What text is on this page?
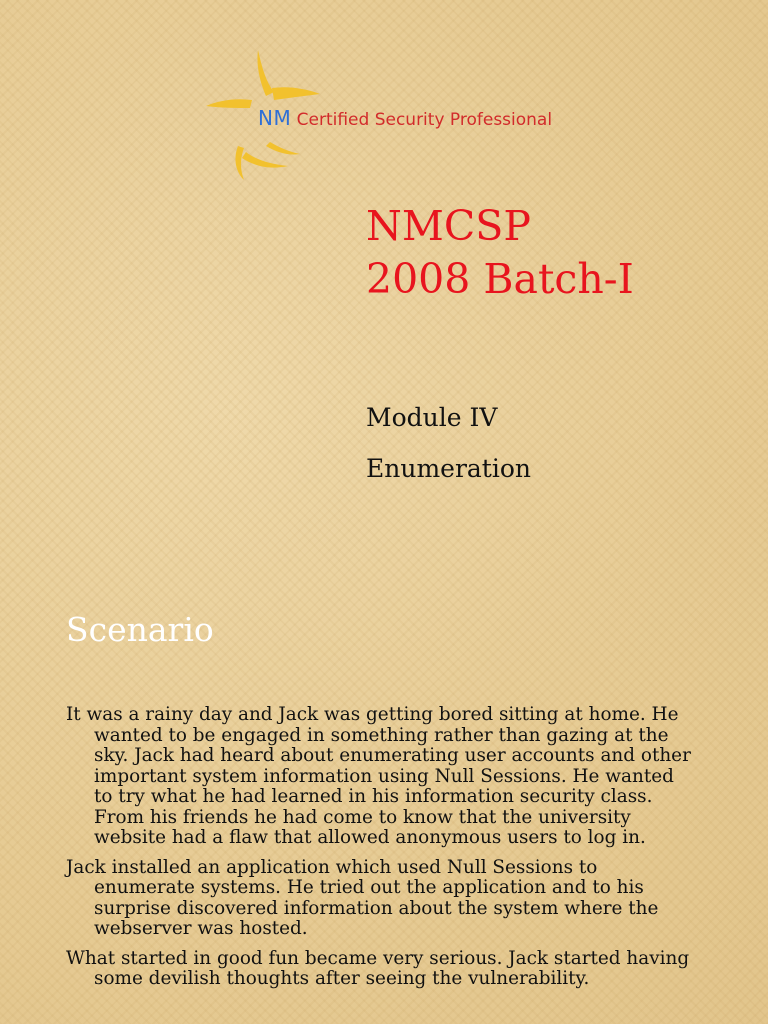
NM Certified Security Professional
NMCSP
2008 Batch-I
Module IV
Enumeration
Scenario

It was a rainy day and Jack was getting bored sitting at home. He wanted to be engaged in something rather than gazing at the sky. Jack had heard about enumerating user accounts and other important system information using Null Sessions. He wanted to try what he had learned in his information security class. From his friends he had come to know that the university website had a flaw that allowed anonymous users to log in.

Jack installed an application which used Null Sessions to enumerate systems. He tried out the application and to his surprise discovered information about the system where the webserver was hosted.

What started in good fun became very serious. Jack started having some devilish thoughts after seeing the vulnerability.
